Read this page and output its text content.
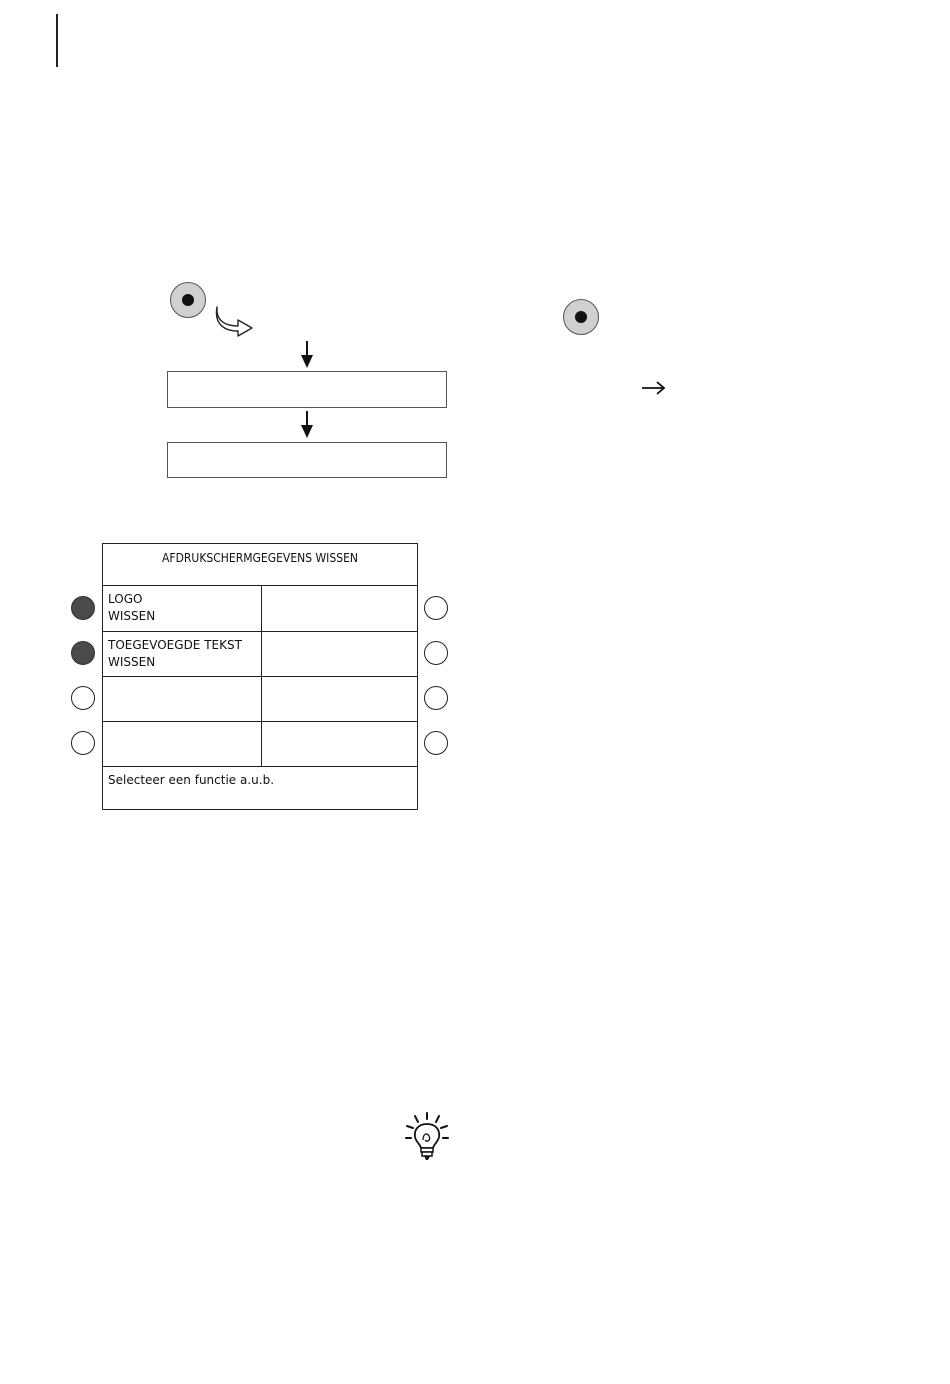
AFDRUKSCHERMGEGEVENS WISSEN
LOGO
WISSEN
TOEGEVOEGDE TEKST
WISSEN
Selecteer een functie a.u.b.
